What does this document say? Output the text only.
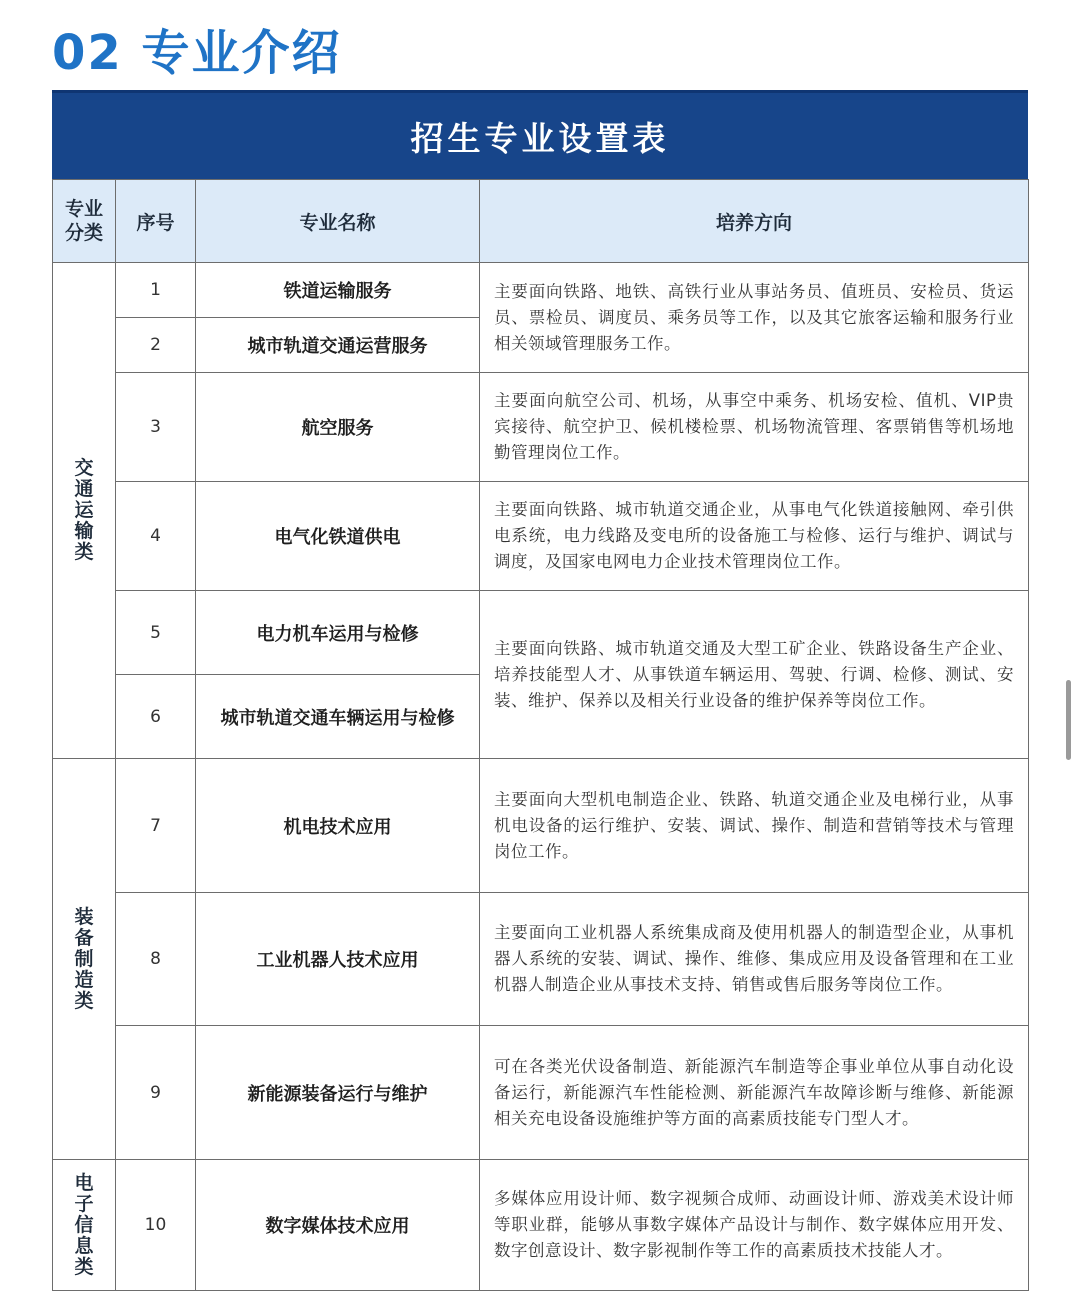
02 专业介绍
招生专业设置表
专业分类	序号	专业名称	培养方向
交通运输类	1	铁道运输服务	主要面向铁路、地铁、高铁行业从事站务员、值班员、安检员、货运员、票检员、调度员、乘务员等工作，以及其它旅客运输和服务行业相关领域管理服务工作。
	2	城市轨道交通运营服务	
	3	航空服务	主要面向航空公司、机场，从事空中乘务、机场安检、值机、VIP贵宾接待、航空护卫、候机楼检票、机场物流管理、客票销售等机场地勤管理岗位工作。
	4	电气化铁道供电	主要面向铁路、城市轨道交通企业，从事电气化铁道接触网、牵引供电系统，电力线路及变电所的设备施工与检修、运行与维护、调试与调度，及国家电网电力企业技术管理岗位工作。
	5	电力机车运用与检修	主要面向铁路、城市轨道交通及大型工矿企业、铁路设备生产企业、培养技能型人才、从事铁道车辆运用、驾驶、行调、检修、测试、安装、维护、保养以及相关行业设备的维护保养等岗位工作。
	6	城市轨道交通车辆运用与检修	
装备制造类	7	机电技术应用	主要面向大型机电制造企业、铁路、轨道交通企业及电梯行业，从事机电设备的运行维护、安装、调试、操作、制造和营销等技术与管理岗位工作。
	8	工业机器人技术应用	主要面向工业机器人系统集成商及使用机器人的制造型企业，从事机器人系统的安装、调试、操作、维修、集成应用及设备管理和在工业机器人制造企业从事技术支持、销售或售后服务等岗位工作。
	9	新能源装备运行与维护	可在各类光伏设备制造、新能源汽车制造等企事业单位从事自动化设备运行，新能源汽车性能检测、新能源汽车故障诊断与维修、新能源相关充电设备设施维护等方面的高素质技能专门型人才。
电子信息类	10	数字媒体技术应用	多媒体应用设计师、数字视频合成师、动画设计师、游戏美术设计师等职业群，能够从事数字媒体产品设计与制作、数字媒体应用开发、数字创意设计、数字影视制作等工作的高素质技术技能人才。
